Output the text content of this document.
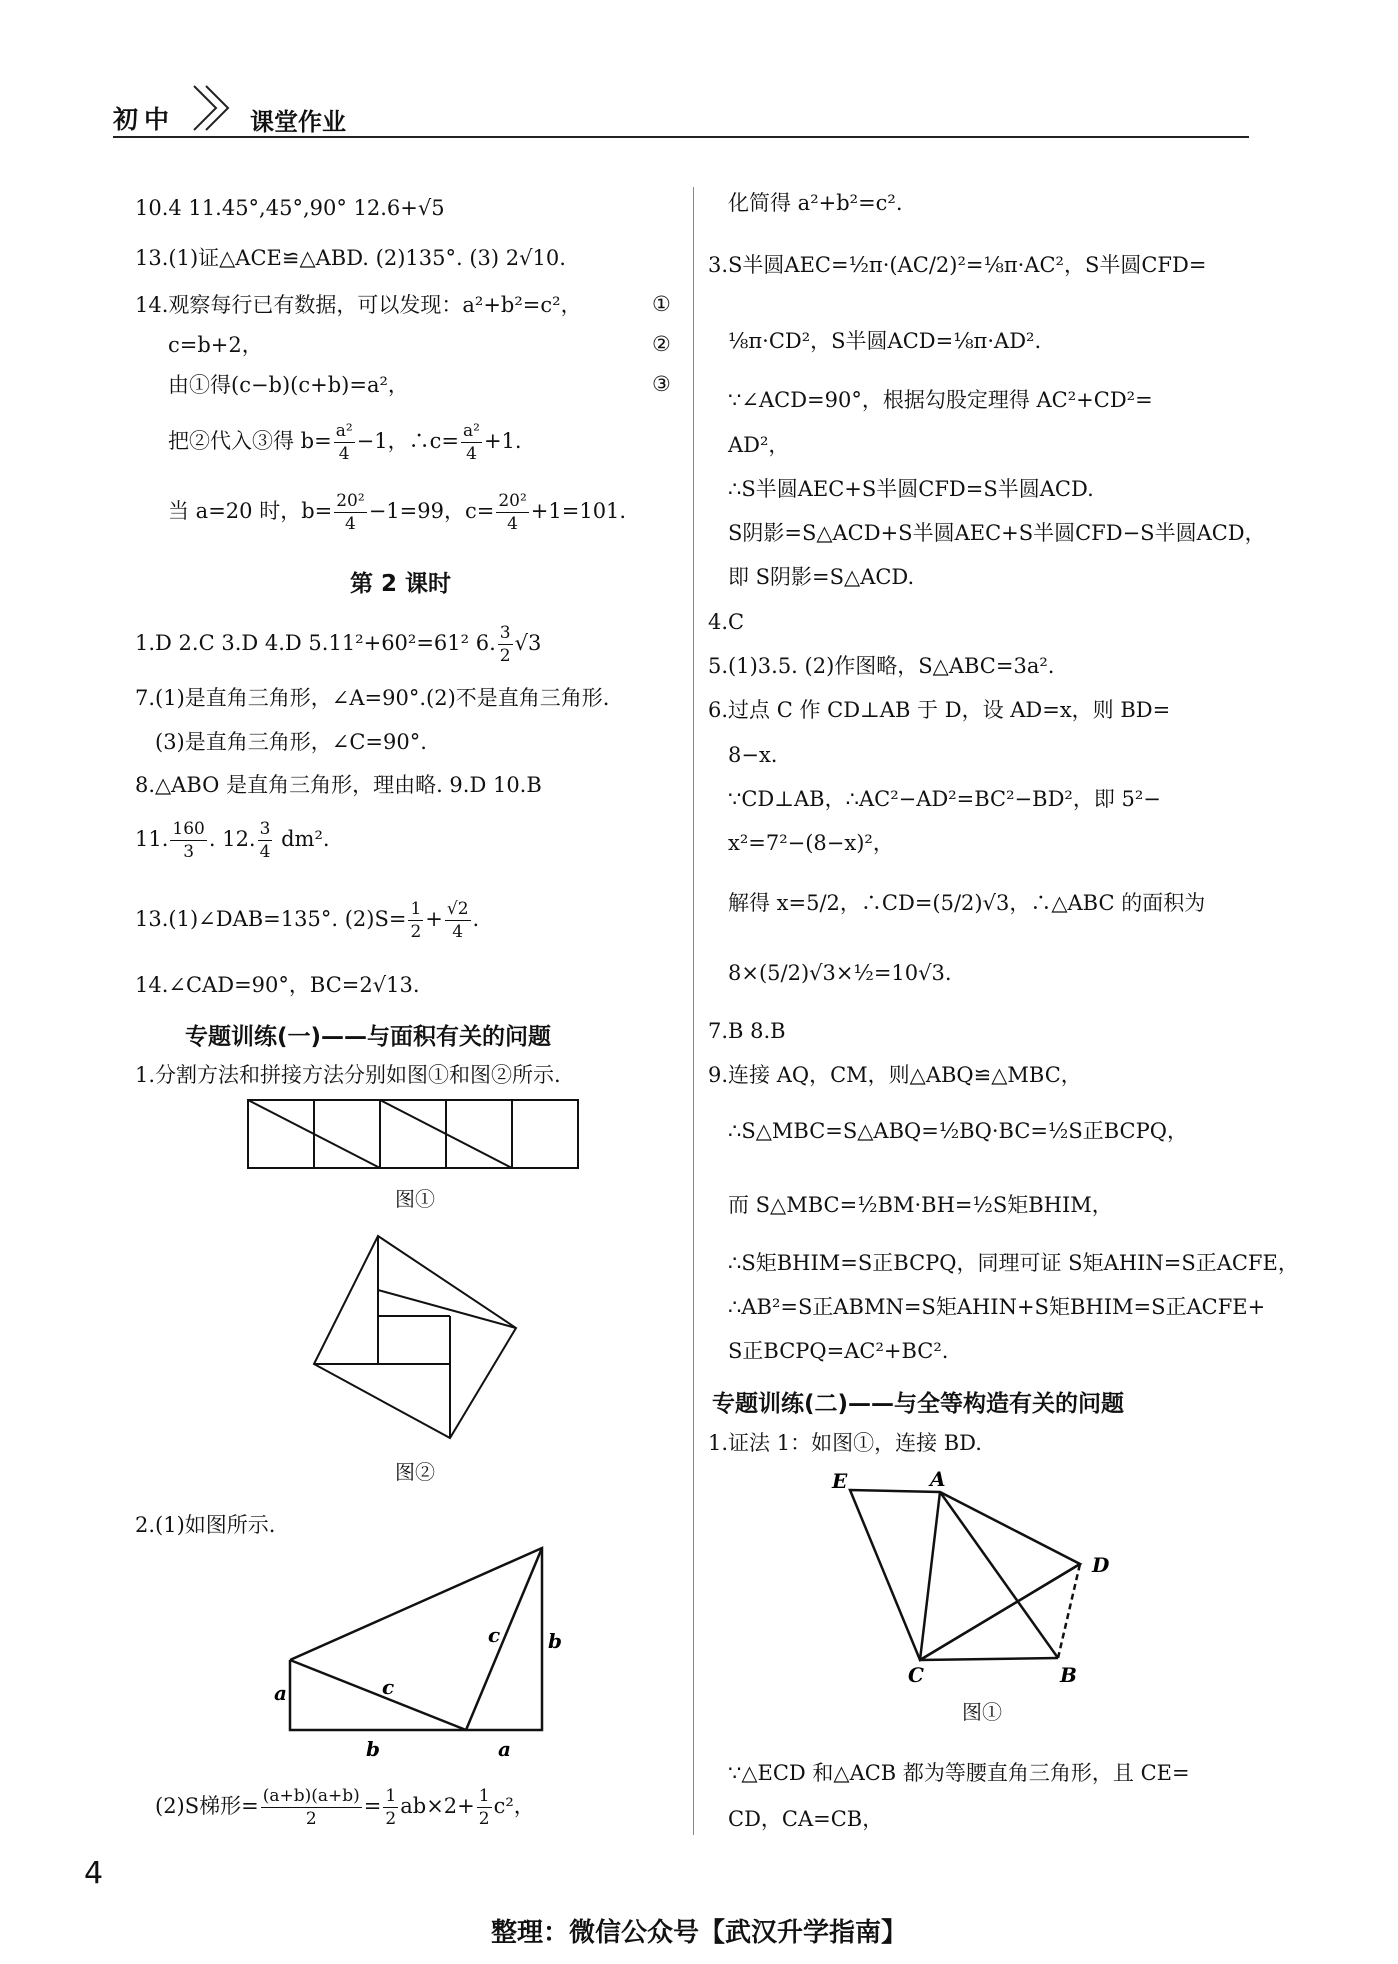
初中	课堂作业
10.4 11.45°,45°,90° 12.6+√5
13.(1)证△ACE≌△ABD. (2)135°. (3) 2√10.
14.观察每行已有数据，可以发现：a²+b²=c²，	①
c=b+2，	②
由①得(c−b)(c+b)=a²，	③
把②代入③得 $b= \frac{\text{a²}}{4} -1$，∴c= $\frac{\text{a²}}{4} +1$.
当 a=20 时，$b= \frac{\text{20²}}{4} -1=99$，$c= \frac{\text{20²}}{4} +1=101$.
第 2 课时
1.D 2.C 3.D 4.D 5.11²+60²=61² 6. $\frac{3}{2} √3$
7.(1)是直角三角形，∠A=90°.(2)不是直角三角形.
(3)是直角三角形，∠C=90°.
8.△ABO 是直角三角形，理由略. 9.D 10.B
11. $\frac{160}{3}$ . 12. $\frac{3}{4} dm^2$.
13.(1)∠DAB=135°. $(2)S= \frac{1}{2} + \frac{√2}{4}$ .
14.∠CAD=90°，BC=2√13.
专题训练(一)——与面积有关的问题
1.分割方法和拼接方法分别如图①和图②所示.
图①
图②
2.(1)如图所示.
a
b	a
b
c
c
(2)S梯形= $\frac{(a+b)(a+b)}{2} = \frac{1}{2} ab\times 2+ \frac{1}{2} c^2$，
化简得 a²+b²=c².
3.S半圆AEC=½π·(AC/2)²=⅛π·AC²，S半圆CFD=
⅛π·CD²，S半圆ACD=⅛π·AD².
∵∠ACD=90°，根据勾股定理得 AC²+CD²=
AD²，
∴S半圆AEC+S半圆CFD=S半圆ACD.
S阴影=S△ACD+S半圆AEC+S半圆CFD−S半圆ACD，
即 S阴影=S△ACD.
4.C
5.(1)3.5. (2)作图略，S△ABC=3a².
6.过点 C 作 CD⊥AB 于 D，设 AD=x，则 BD=
8−x.
∵CD⊥AB，∴AC²−AD²=BC²−BD²，即 5²−
x²=7²−(8−x)²，
解得 x=5/2，∴CD=(5/2)√3，∴△ABC 的面积为
8×(5/2)√3×½=10√3.
7.B 8.B
9.连接 AQ，CM，则△ABQ≌△MBC，
∴S△MBC=S△ABQ=½BQ·BC=½S正BCPQ，
而 S△MBC=½BM·BH=½S矩BHIM，
∴S矩BHIM=S正BCPQ，同理可证 S矩AHIN=S正ACFE，
∴AB²=S正ABMN=S矩AHIN+S矩BHIM=S正ACFE+
S正BCPQ=AC²+BC².
专题训练(二)——与全等构造有关的问题
1.证法 1：如图①，连接 BD.
E	A
D
C	B
图①
∵△ECD 和△ACB 都为等腰直角三角形，且 CE=
CD，CA=CB，
4
整理：微信公众号【武汉升学指南】
